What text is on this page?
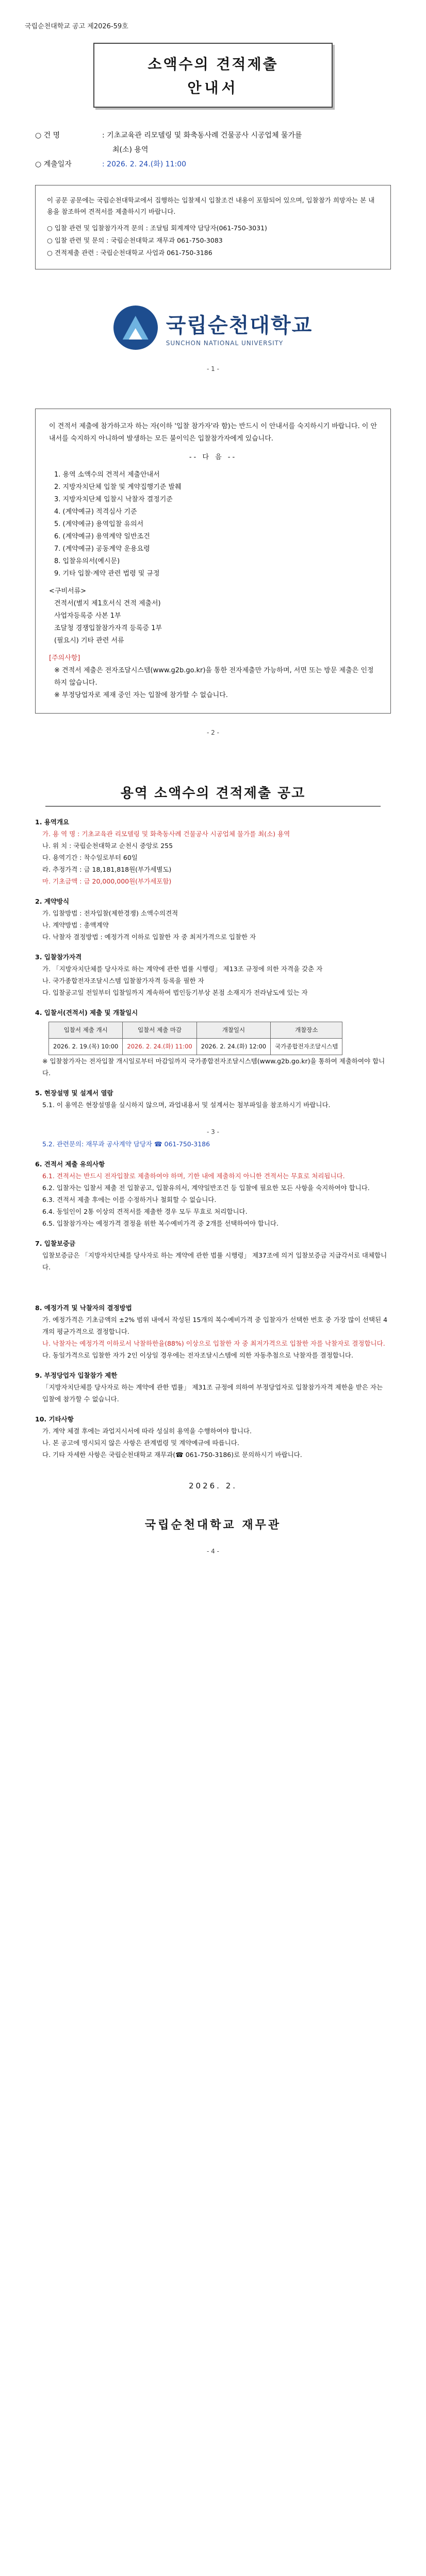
국립순천대학교 공고 제2026-59호
소액수의 견적제출
안내서
○ 건 명	: 기초교육관 리모델링 및 화축동사례 건물공사 시공업체 물가를
최(소) 용역
○ 계출일자	: 2026. 2. 24.(화) 11:00
이 공문 공문에는 국립순천대학교에서 집행하는 입찰제시 입찰조건 내용이 포함되어 있으며, 입찰참가 희망자는 본 내용을 참조하여 견적서를 제출하시기 바랍니다.
○ 입찰 관련 및 입찰참가자격 문의 : 조달팀 회계계약 담당자(061-750-3031)
○ 입찰 관련 및 문의 : 국립순천대학교 재무과 061-750-3083
○ 견적제출 관련 : 국립순천대학교 사업과 061-750-3186
국립순천대학교
SUNCHON NATIONAL UNIVERSITY
- 1 -
이 견적서 제출에 참가하고자 하는 자(이하 '입찰 참가자'라 함)는 반드시 이 안내서를 숙지하시기 바랍니다. 이 안내서를 숙지하지 아니하여 발생하는 모든 불이익은 입찰참가자에게 있습니다.
-- 다 음 --
1. 용역 소액수의 견적서 제출안내서
2. 지방자치단체 입찰 및 계약집행기준 발췌
3. 지방자치단체 입찰시 낙찰자 결정기준
4. (계약예규) 적격심사 기준
5. (계약예규) 용역입찰 유의서
6. (계약예규) 용역계약 일반조건
7. (계약예규) 공동계약 운용요령
8. 입찰유의서(예시문)
9. 기타 입찰·계약 관련 법령 및 규정
<구비서류>
견적서(별지 제1호서식 견적 제출서)
사업자등록증 사본 1부
조달청 경쟁입찰참가자격 등록증 1부
(필요시) 기타 관련 서류
[주의사항]
※ 견적서 제출은 전자조달시스템(www.g2b.go.kr)을 통한 전자제출만 가능하며, 서면 또는 방문 제출은 인정하지 않습니다.
※ 부정당업자로 제재 중인 자는 입찰에 참가할 수 없습니다.
- 2 -
용역 소액수의 견적제출 공고
1. 용역개요
가. 용 역 명 : 기초교육관 리모델링 및 화축동사례 건물공사 시공업체 물가를 최(소) 용역
나. 위 치 : 국립순천대학교 순천시 중앙로 255
다. 용역기간 : 착수일로부터 60일
라. 추정가격 : 금 18,181,818원(부가세별도)
마. 기초금액 : 금 20,000,000원(부가세포함)
2. 계약방식
가. 입찰방법 : 전자입찰(제한경쟁) 소액수의견적
나. 계약방법 : 총액계약
다. 낙찰자 결정방법 : 예정가격 이하로 입찰한 자 중 최저가격으로 입찰한 자
3. 입찰참가자격
가. 「지방자치단체를 당사자로 하는 계약에 관한 법률 시행령」 제13조 규정에 의한 자격을 갖춘 자
나. 국가종합전자조달시스템 입찰참가자격 등록을 필한 자
다. 입찰공고일 전일부터 입찰일까지 계속하여 법인등기부상 본점 소재지가 전라남도에 있는 자
4. 입찰서(견적서) 제출 및 개찰일시
입찰서 제출 개시	입찰서 제출 마감	개찰일시	개찰장소
2026. 2. 19.(목) 10:00	2026. 2. 24.(화) 11:00	2026. 2. 24.(화) 12:00	국가종합전자조달시스템
※ 입찰참가자는 전자입찰 개시일로부터 마감일까지 국가종합전자조달시스템(www.g2b.go.kr)을 통하여 제출하여야 합니다.
5. 현장설명 및 설계서 열람
5.1. 이 용역은 현장설명을 실시하지 않으며, 과업내용서 및 설계서는 첨부파일을 참조하시기 바랍니다.
- 3 -
5.2. 관련문의: 재무과 공사계약 담당자 ☎ 061-750-3186
6. 견적서 제출 유의사항
6.1. 견적서는 반드시 전자입찰로 제출하여야 하며, 기한 내에 제출하지 아니한 견적서는 무효로 처리됩니다.
6.2. 입찰자는 입찰서 제출 전 입찰공고, 입찰유의서, 계약일반조건 등 입찰에 필요한 모든 사항을 숙지하여야 합니다.
6.3. 견적서 제출 후에는 이를 수정하거나 철회할 수 없습니다.
6.4. 동일인이 2통 이상의 견적서를 제출한 경우 모두 무효로 처리합니다.
6.5. 입찰참가자는 예정가격 결정을 위한 복수예비가격 중 2개를 선택하여야 합니다.
7. 입찰보증금
입찰보증금은 「지방자치단체를 당사자로 하는 계약에 관한 법률 시행령」 제37조에 의거 입찰보증금 지급각서로 대체합니다.
8. 예정가격 및 낙찰자의 결정방법
가. 예정가격은 기초금액의 ±2% 범위 내에서 작성된 15개의 복수예비가격 중 입찰자가 선택한 번호 중 가장 많이 선택된 4개의 평균가격으로 결정합니다.
나. 낙찰자는 예정가격 이하로서 낙찰하한율(88%) 이상으로 입찰한 자 중 최저가격으로 입찰한 자를 낙찰자로 결정합니다.
다. 동일가격으로 입찰한 자가 2인 이상일 경우에는 전자조달시스템에 의한 자동추첨으로 낙찰자를 결정합니다.
9. 부정당업자 입찰참가 제한
「지방자치단체를 당사자로 하는 계약에 관한 법률」 제31조 규정에 의하여 부정당업자로 입찰참가자격 제한을 받은 자는 입찰에 참가할 수 없습니다.
10. 기타사항
가. 계약 체결 후에는 과업지시서에 따라 성실히 용역을 수행하여야 합니다.
나. 본 공고에 명시되지 않은 사항은 관계법령 및 계약예규에 따릅니다.
다. 기타 자세한 사항은 국립순천대학교 재무과(☎ 061-750-3186)로 문의하시기 바랍니다.
2026. 2.
국립순천대학교 재무관
- 4 -
